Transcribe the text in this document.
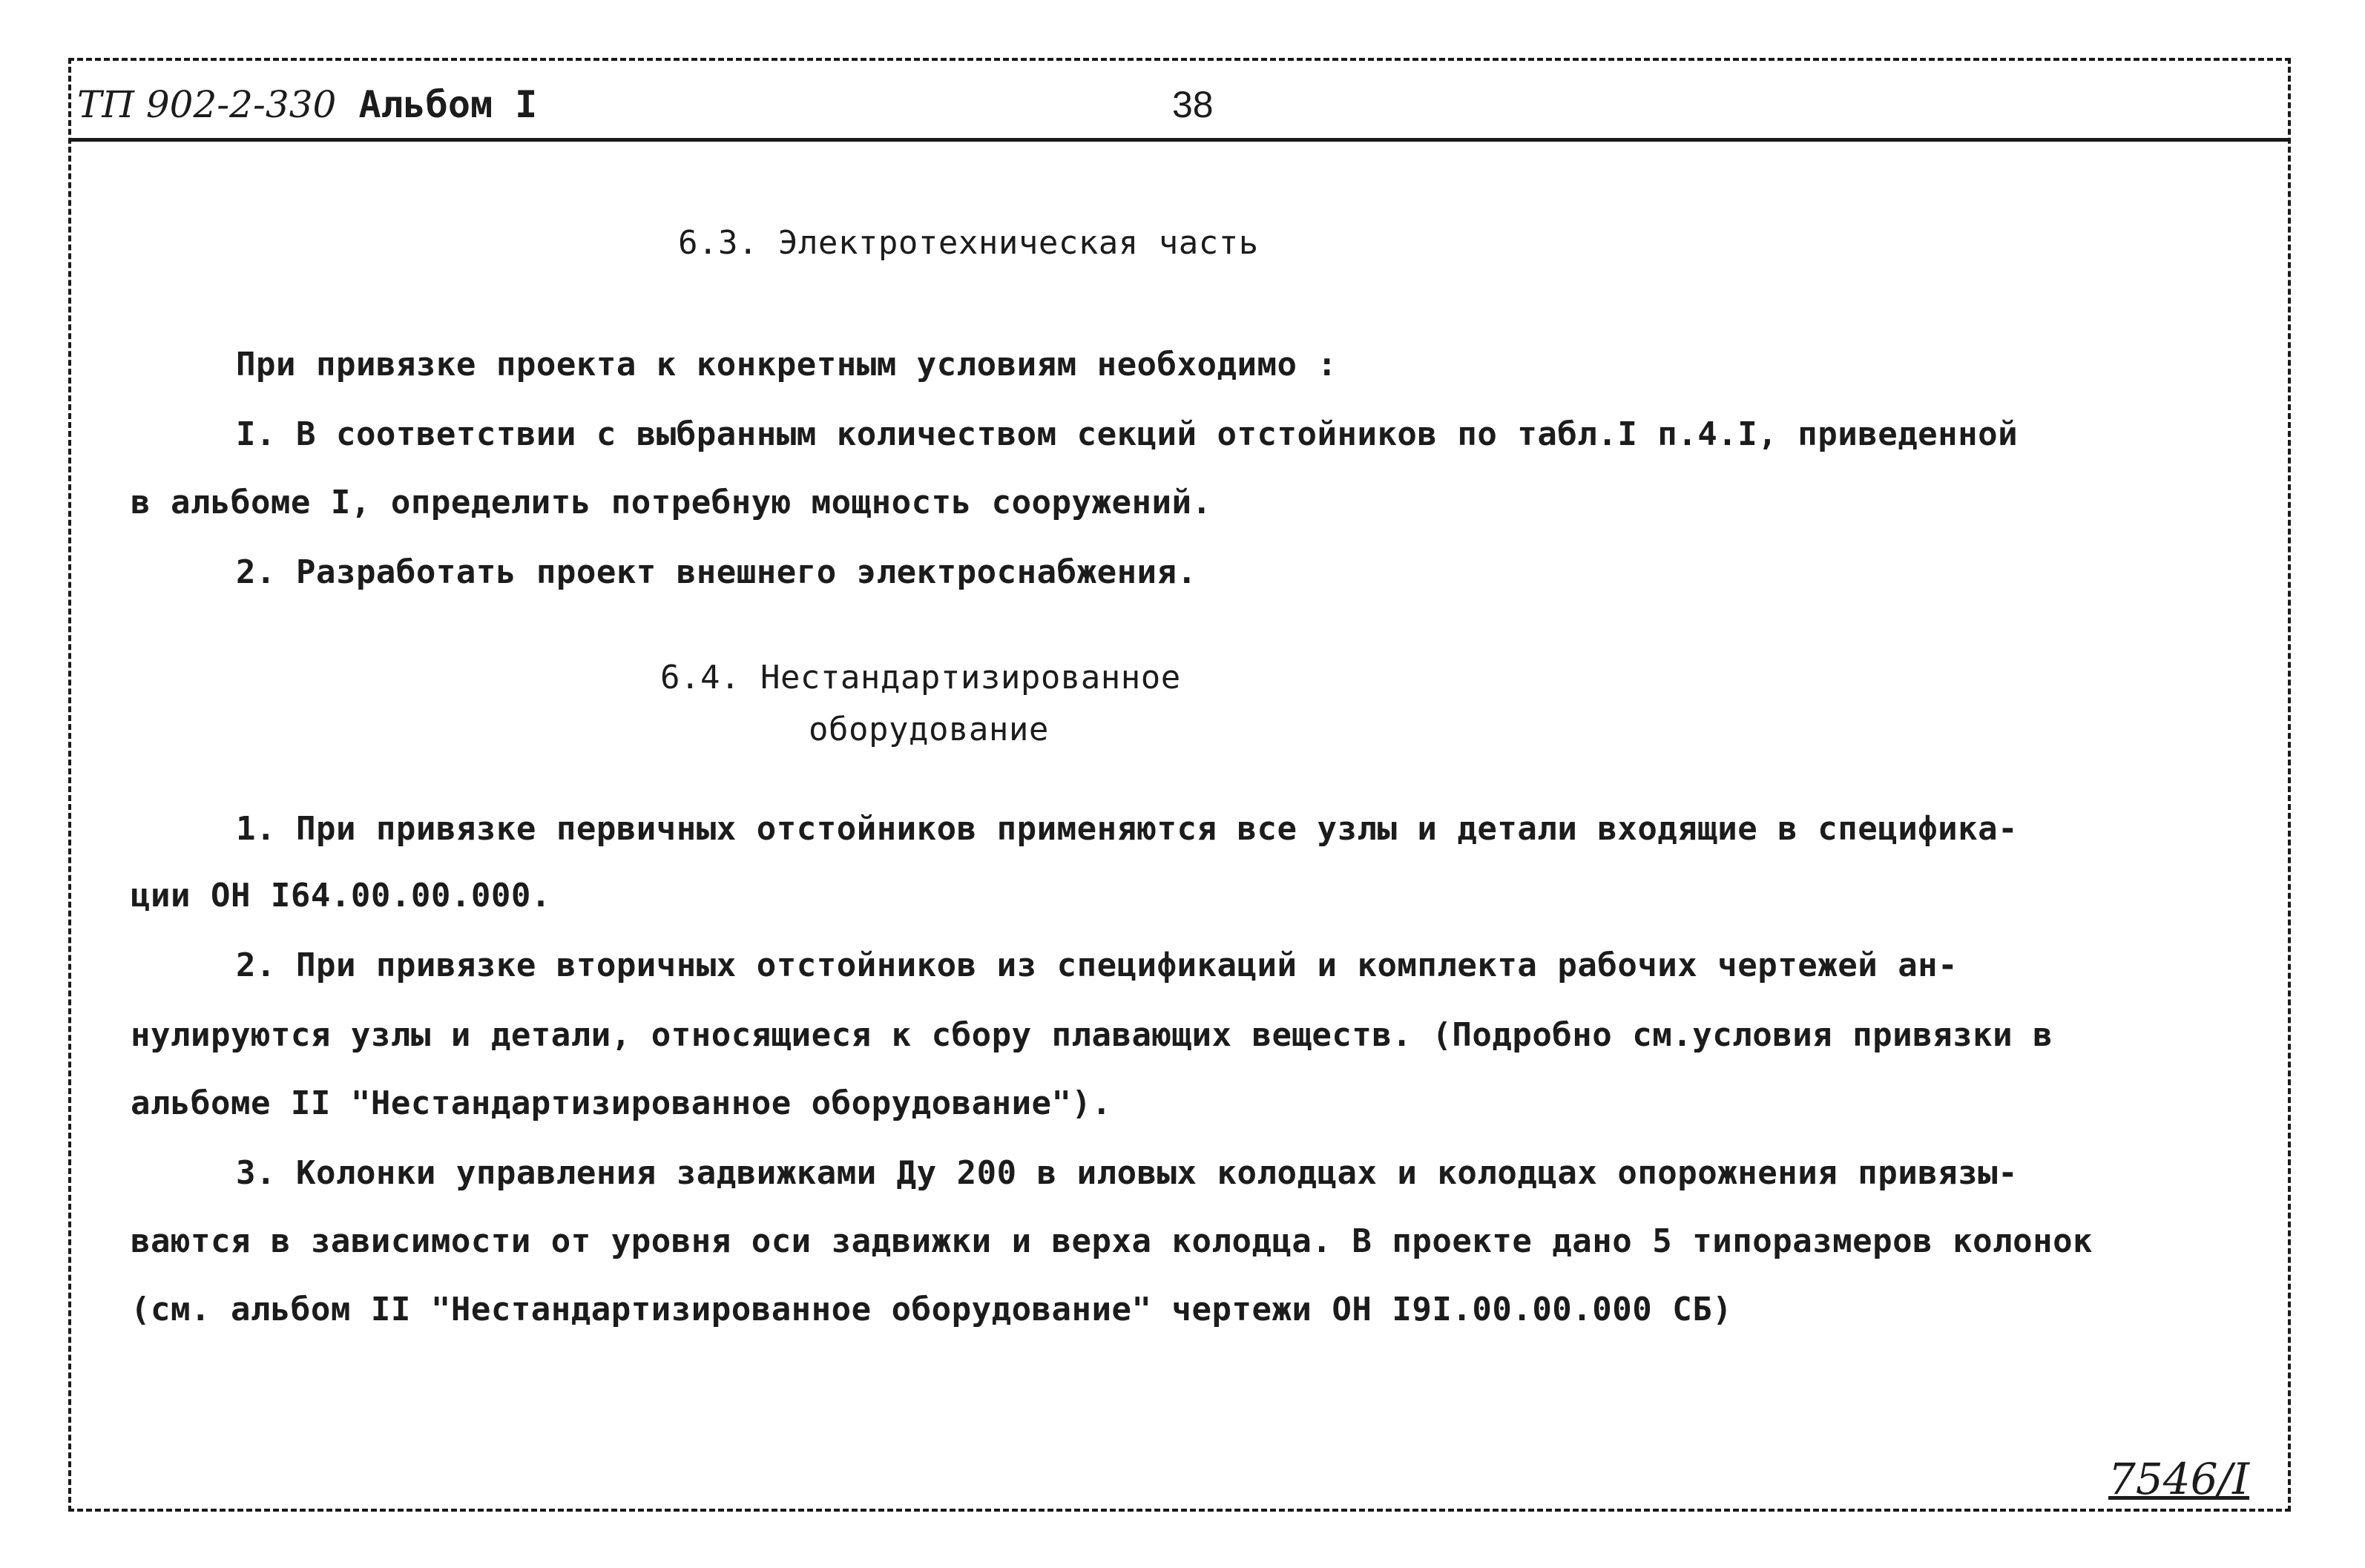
ТП 902-2-330 Альбом I	38
6.3. Электротехническая часть
При привязке проекта к конкретным условиям необходимо :
I. В соответствии с выбранным количеством секций отстойников по табл.I п.4.I, приведенной
в альбоме I, определить потребную мощность сооружений.
2. Разработать проект внешнего электроснабжения.
6.4. Нестандартизированное
оборудование
1. При привязке первичных отстойников применяются все узлы и детали входящие в специфика-
ции ОН I64.00.00.000.
2. При привязке вторичных отстойников из спецификаций и комплекта рабочих чертежей ан-
нулируются узлы и детали, относящиеся к сбору плавающих веществ. (Подробно см.условия привязки в
альбоме II "Нестандартизированное оборудование").
3. Колонки управления задвижками Ду 200 в иловых колодцах и колодцах опорожнения привязы-
ваются в зависимости от уровня оси задвижки и верха колодца. В проекте дано 5 типоразмеров колонок
(см. альбом II "Нестандартизированное оборудование" чертежи ОН I9I.00.00.000 СБ)
7546/I
